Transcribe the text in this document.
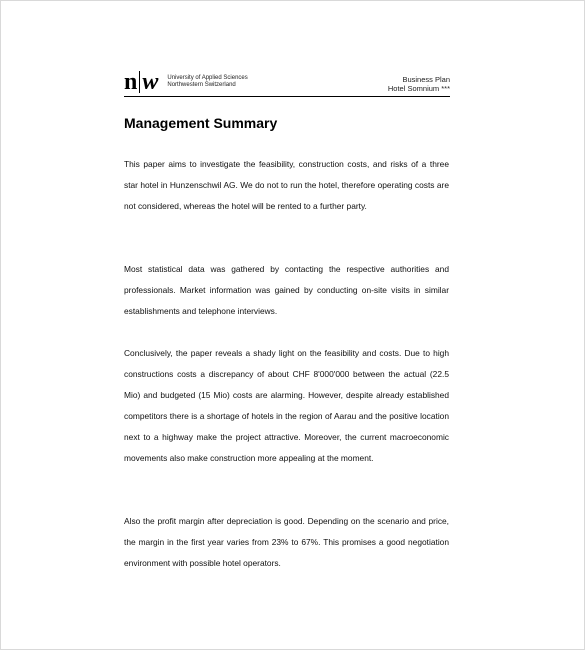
n w University of Applied Sciences
Northwestern Switzerland
Business Plan
Hotel Somnium ***
Management Summary

This paper aims to investigate the feasibility, construction costs, and risks of a three star hotel in Hunzenschwil AG. We do not to run the hotel, therefore operating costs are not considered, whereas the hotel will be rented to a further party.

Most statistical data was gathered by contacting the respective authorities and professionals. Market information was gained by conducting on-site visits in similar establishments and telephone interviews.

Conclusively, the paper reveals a shady light on the feasibility and costs. Due to high constructions costs a discrepancy of about CHF 8'000'000 between the actual (22.5 Mio) and budgeted (15 Mio) costs are alarming. However, despite already established competitors there is a shortage of hotels in the region of Aarau and the positive location next to a highway make the project attractive. Moreover, the current macroeconomic movements also make construction more appealing at the moment.

Also the profit margin after depreciation is good. Depending on the scenario and price, the margin in the first year varies from 23% to 67%. This promises a good negotiation environment with possible hotel operators.
